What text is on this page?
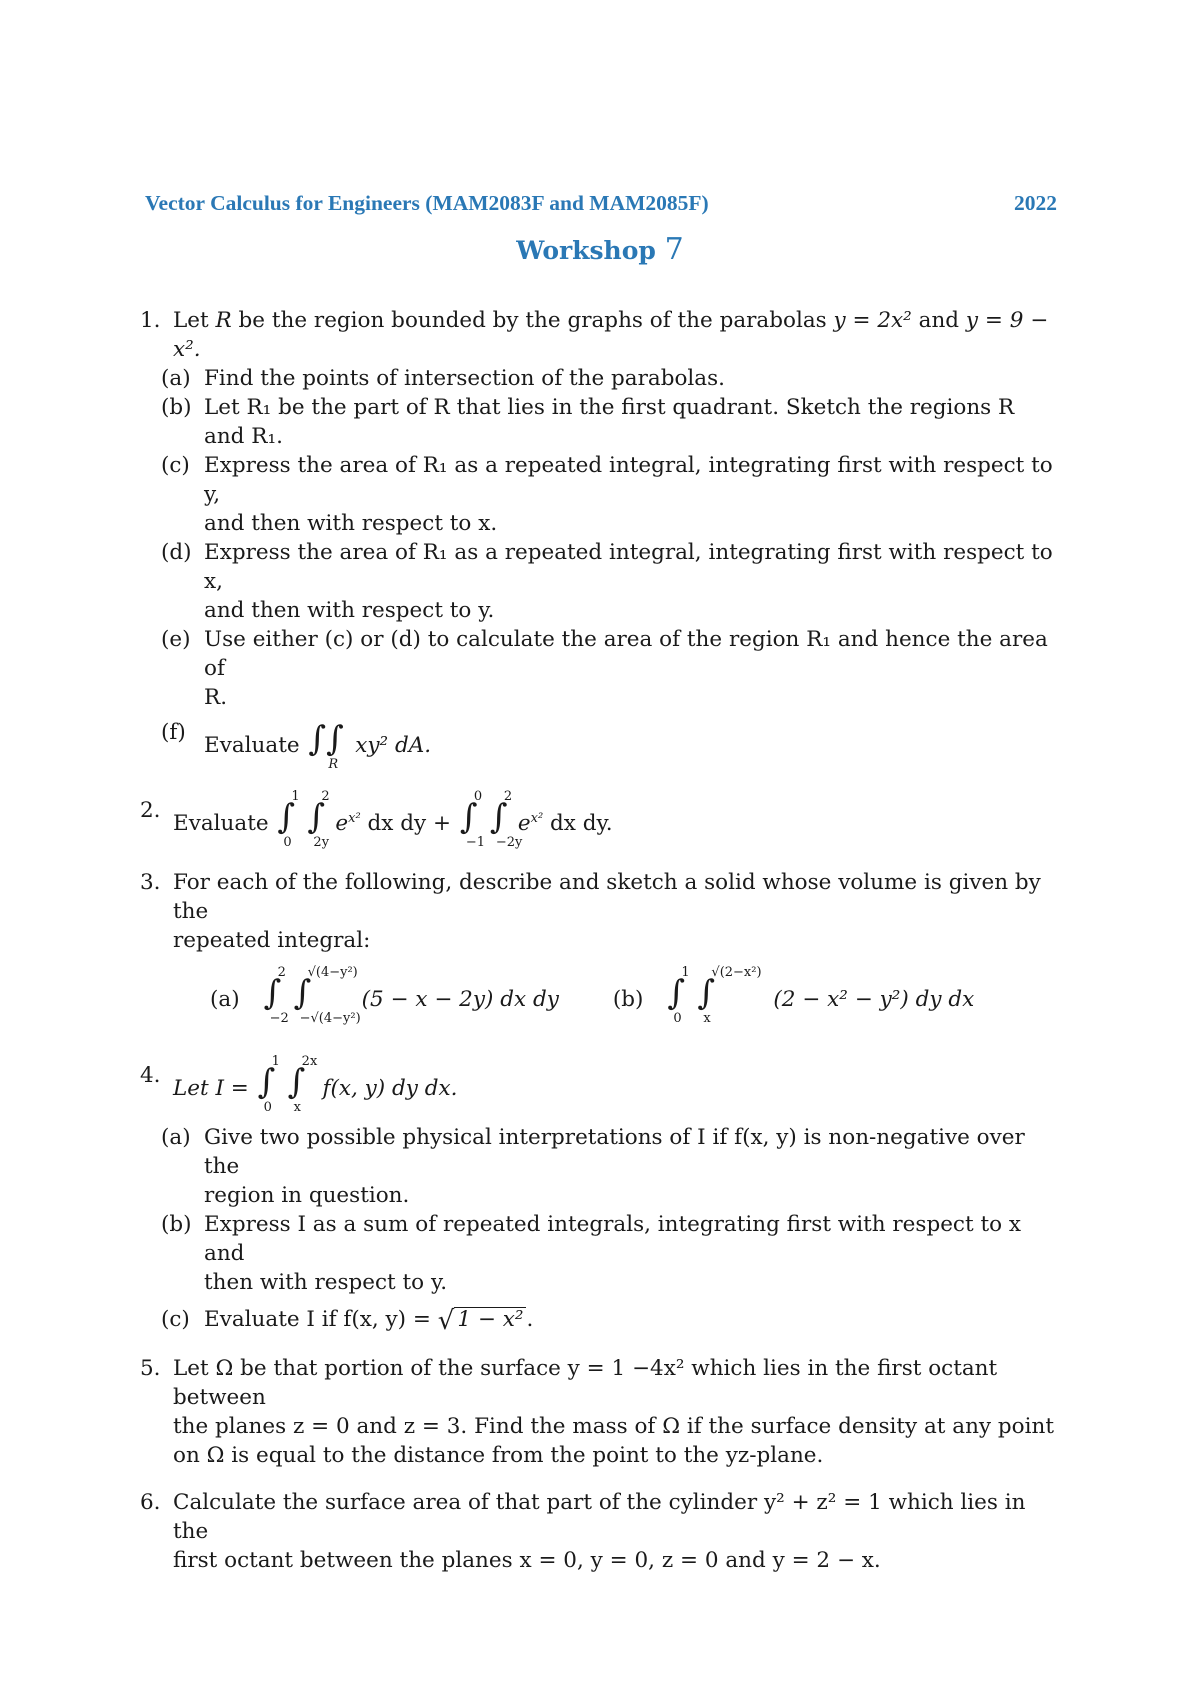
Vector Calculus for Engineers (MAM2083F and MAM2085F)	2022
Workshop 7
1. Let R be the region bounded by the graphs of the parabolas y = 2x² and y = 9 − x².
(a) Find the points of intersection of the parabolas.
(b) Let R₁ be the part of R that lies in the first quadrant. Sketch the regions R and R₁.
(c) Express the area of R₁ as a repeated integral, integrating first with respect to y,
and then with respect to x.
(d) Express the area of R₁ as a repeated integral, integrating first with respect to x,
and then with respect to y.
(e) Use either (c) or (d) to calculate the area of the region R₁ and hence the area of
R.
(f)
Evaluate ∫∫
R
xy² dA.
2.
Evaluate ∫
1
0
∫
2
2y
$e^{x^2}$ dx dy + ∫
0
−1
∫
2
−2y
$e^{x^2}$ dx dy.
3. For each of the following, describe and sketch a solid whose volume is given by the
repeated integral:
(a) ∫
2
−2
∫
√(4−y²)
−√(4−y²)
(5 − x − 2y) dx dy	(b) ∫
1
0
∫
√(2−x²)
x
(2 − x² − y²) dy dx
4.
Let I = ∫
1
0
∫
2x
x
f(x, y) dy dx.
(a) Give two possible physical interpretations of I if f(x, y) is non-negative over the
region in question.
(b) Express I as a sum of repeated integrals, integrating first with respect to x and
then with respect to y.
(c) Evaluate I if f(x, y) = √ 1 − x² .
5. Let Ω be that portion of the surface y = 1 −4x² which lies in the first octant between
the planes z = 0 and z = 3. Find the mass of Ω if the surface density at any point
on Ω is equal to the distance from the point to the yz-plane.
6. Calculate the surface area of that part of the cylinder y² + z² = 1 which lies in the
first octant between the planes x = 0, y = 0, z = 0 and y = 2 − x.
